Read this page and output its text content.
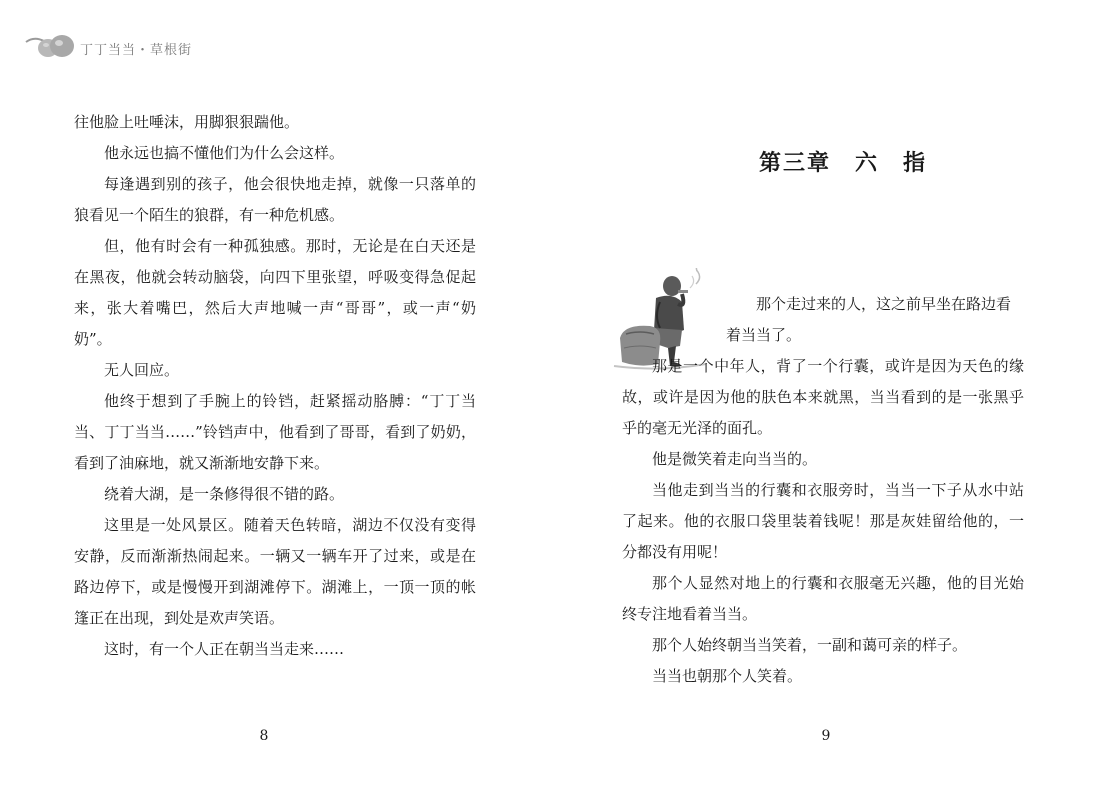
丁丁当当・草根街

往他脸上吐唾沫，用脚狠狠踹他。

他永远也搞不懂他们为什么会这样。

每逢遇到别的孩子，他会很快地走掉，就像一只落单的狼看见一个陌生的狼群，有一种危机感。

但，他有时会有一种孤独感。那时，无论是在白天还是在黑夜，他就会转动脑袋，向四下里张望，呼吸变得急促起来，张大着嘴巴，然后大声地喊一声“哥哥”，或一声“奶奶”。

无人回应。

他终于想到了手腕上的铃铛，赶紧摇动胳膊：“丁丁当当、丁丁当当……”铃铛声中，他看到了哥哥，看到了奶奶，看到了油麻地，就又渐渐地安静下来。

绕着大湖，是一条修得很不错的路。

这里是一处风景区。随着天色转暗，湖边不仅没有变得安静，反而渐渐热闹起来。一辆又一辆车开了过来，或是在路边停下，或是慢慢开到湖滩停下。湖滩上，一顶一顶的帐篷正在出现，到处是欢声笑语。

这时，有一个人正在朝当当走来……

8

第三章　六　指

那个走过来的人，这之前早坐在路边看

着当当了。

那是一个中年人，背了一个行囊，或许是因为天色的缘故，或许是因为他的肤色本来就黑，当当看到的是一张黑乎乎的毫无光泽的面孔。

他是微笑着走向当当的。

当他走到当当的行囊和衣服旁时，当当一下子从水中站了起来。他的衣服口袋里装着钱呢！那是灰娃留给他的，一分都没有用呢！

那个人显然对地上的行囊和衣服毫无兴趣，他的目光始终专注地看着当当。

那个人始终朝当当笑着，一副和蔼可亲的样子。

当当也朝那个人笑着。

9
